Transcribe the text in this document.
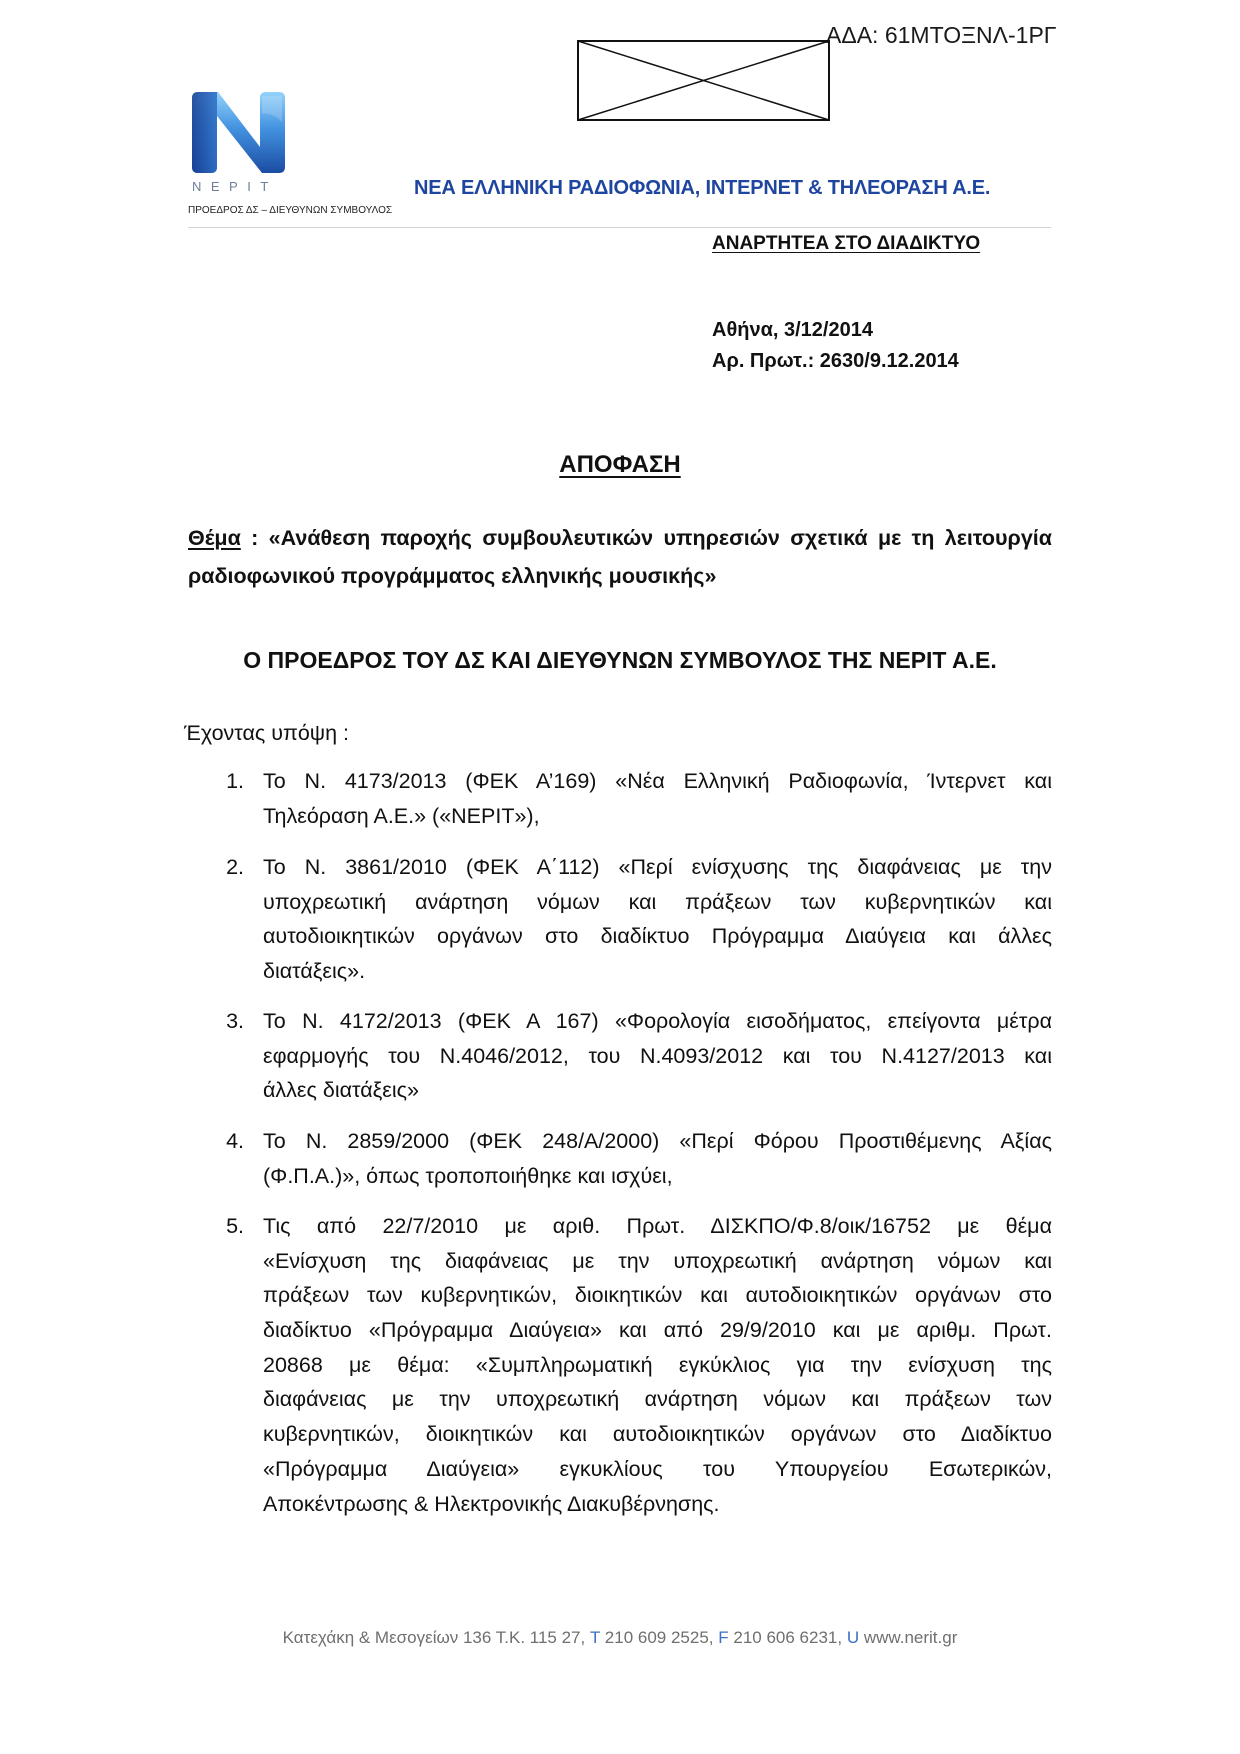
ΑΔΑ: 61ΜΤΟΞΝΛ-1ΡΓ
ΝΕΡΙΤ
ΠΡΟΕΔΡΟΣ ΔΣ – ΔΙΕΥΘΥΝΩΝ ΣΥΜΒΟΥΛΟΣ
ΝΕΑ ΕΛΛΗΝΙΚΗ ΡΑΔΙΟΦΩΝΙΑ, ΙΝΤΕΡΝΕΤ & ΤΗΛΕΟΡΑΣΗ Α.Ε.
ΑΝΑΡΤΗΤΕΑ ΣΤΟ ΔΙΑΔΙΚΤΥΟ
Αθήνα, 3/12/2014
Αρ. Πρωτ.: 2630/9.12.2014
ΑΠΟΦΑΣΗ
Θέμα : «Ανάθεση παροχής συμβουλευτικών υπηρεσιών σχετικά με τη λειτουργία
ραδιοφωνικού προγράμματος ελληνικής μουσικής»
Ο ΠΡΟΕΔΡΟΣ ΤΟΥ ΔΣ ΚΑΙ ΔΙΕΥΘΥΝΩΝ ΣΥΜΒΟΥΛΟΣ ΤΗΣ ΝΕΡΙΤ Α.Ε.
Έχοντας υπόψη :
1. Το Ν. 4173/2013 (ΦΕΚ Α’169) «Νέα Ελληνική Ραδιοφωνία, Ίντερνετ και
Τηλεόραση Α.Ε.» («ΝΕΡΙΤ»),
2. Το Ν. 3861/2010 (ΦΕΚ Α΄112) «Περί ενίσχυσης της διαφάνειας με την
υποχρεωτική ανάρτηση νόμων και πράξεων των κυβερνητικών και
αυτοδιοικητικών οργάνων στο διαδίκτυο Πρόγραμμα Διαύγεια και άλλες
διατάξεις».
3. Το Ν. 4172/2013 (ΦΕΚ Α 167) «Φορολογία εισοδήματος, επείγοντα μέτρα
εφαρμογής του Ν.4046/2012, του Ν.4093/2012 και του Ν.4127/2013 και
άλλες διατάξεις»
4. Το Ν. 2859/2000 (ΦΕΚ 248/Α/2000) «Περί Φόρου Προστιθέμενης Αξίας
(Φ.Π.Α.)», όπως τροποποιήθηκε και ισχύει,
5. Τις από 22/7/2010 με αριθ. Πρωτ. ΔΙΣΚΠΟ/Φ.8/οικ/16752 με θέμα
«Ενίσχυση της διαφάνειας με την υποχρεωτική ανάρτηση νόμων και
πράξεων των κυβερνητικών, διοικητικών και αυτοδιοικητικών οργάνων στο
διαδίκτυο «Πρόγραμμα Διαύγεια» και από 29/9/2010 και με αριθμ. Πρωτ.
20868 με θέμα: «Συμπληρωματική εγκύκλιος για την ενίσχυση της
διαφάνειας με την υποχρεωτική ανάρτηση νόμων και πράξεων των
κυβερνητικών, διοικητικών και αυτοδιοικητικών οργάνων στο Διαδίκτυο
«Πρόγραμμα Διαύγεια» εγκυκλίους του Υπουργείου Εσωτερικών,
Αποκέντρωσης & Ηλεκτρονικής Διακυβέρνησης.
Κατεχάκη & Μεσογείων 136 Τ.Κ. 115 27, T 210 609 2525, F 210 606 6231, U www.nerit.gr
